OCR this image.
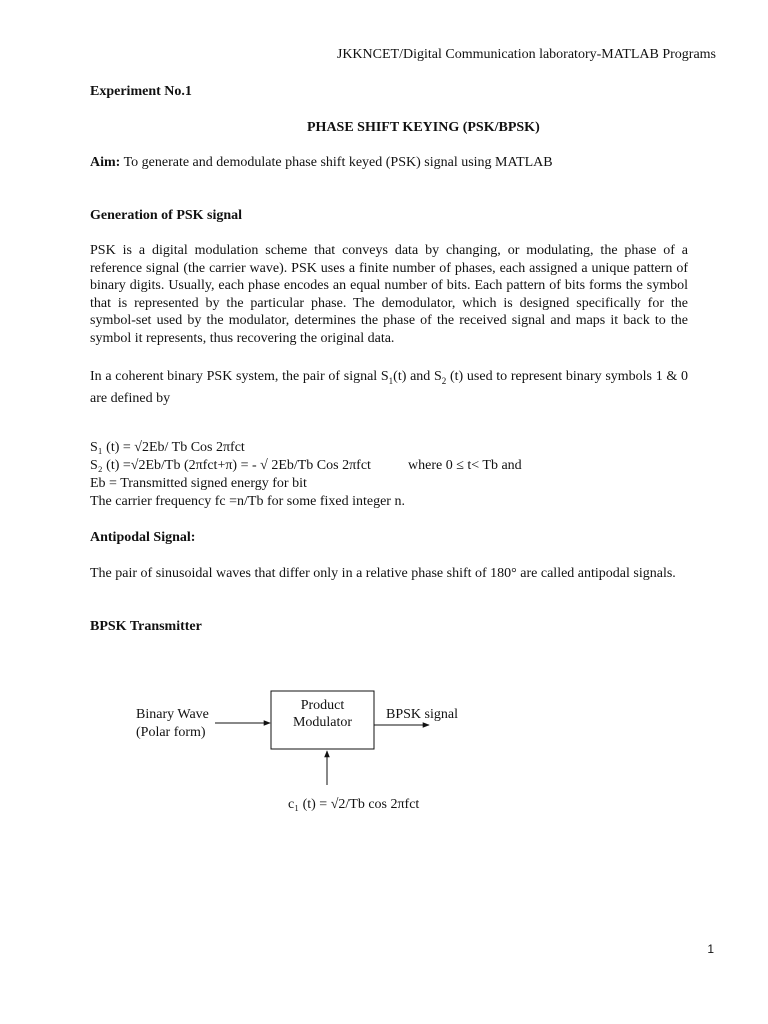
JKKNCET/Digital Communication laboratory-MATLAB Programs
Experiment No.1
PHASE SHIFT KEYING (PSK/BPSK)
Aim: To generate and demodulate phase shift keyed (PSK) signal using MATLAB
Generation of PSK signal
PSK is a digital modulation scheme that conveys data by changing, or modulating, the phase of a reference signal (the carrier wave). PSK uses a finite number of phases, each assigned a unique pattern of binary digits. Usually, each phase encodes an equal number of bits. Each pattern of bits forms the symbol that is represented by the particular phase. The demodulator, which is designed specifically for the symbol-set used by the modulator, determines the phase of the received signal and maps it back to the symbol it represents, thus recovering the original data.
In a coherent binary PSK system, the pair of signal $S_1(t)$ and $S_2$ (t) used to represent binary symbols 1 & 0 are defined by
S₁ (t) = √2Eb/ Tb Cos 2πfct
S₂ (t) =√2Eb/Tb (2πfct+π) = - √ 2Eb/Tb Cos 2πfct	where 0 ≤ t< Tb and
Eb = Transmitted signed energy for bit
The carrier frequency fc =n/Tb for some fixed integer n.
Antipodal Signal:
The pair of sinusoidal waves that differ only in a relative phase shift of 180° are called antipodal signals.
BPSK Transmitter
Binary Wave
(Polar form)
Product
Modulator
BPSK signal
c₁ (t) = √2/Tb cos 2πfct
1
